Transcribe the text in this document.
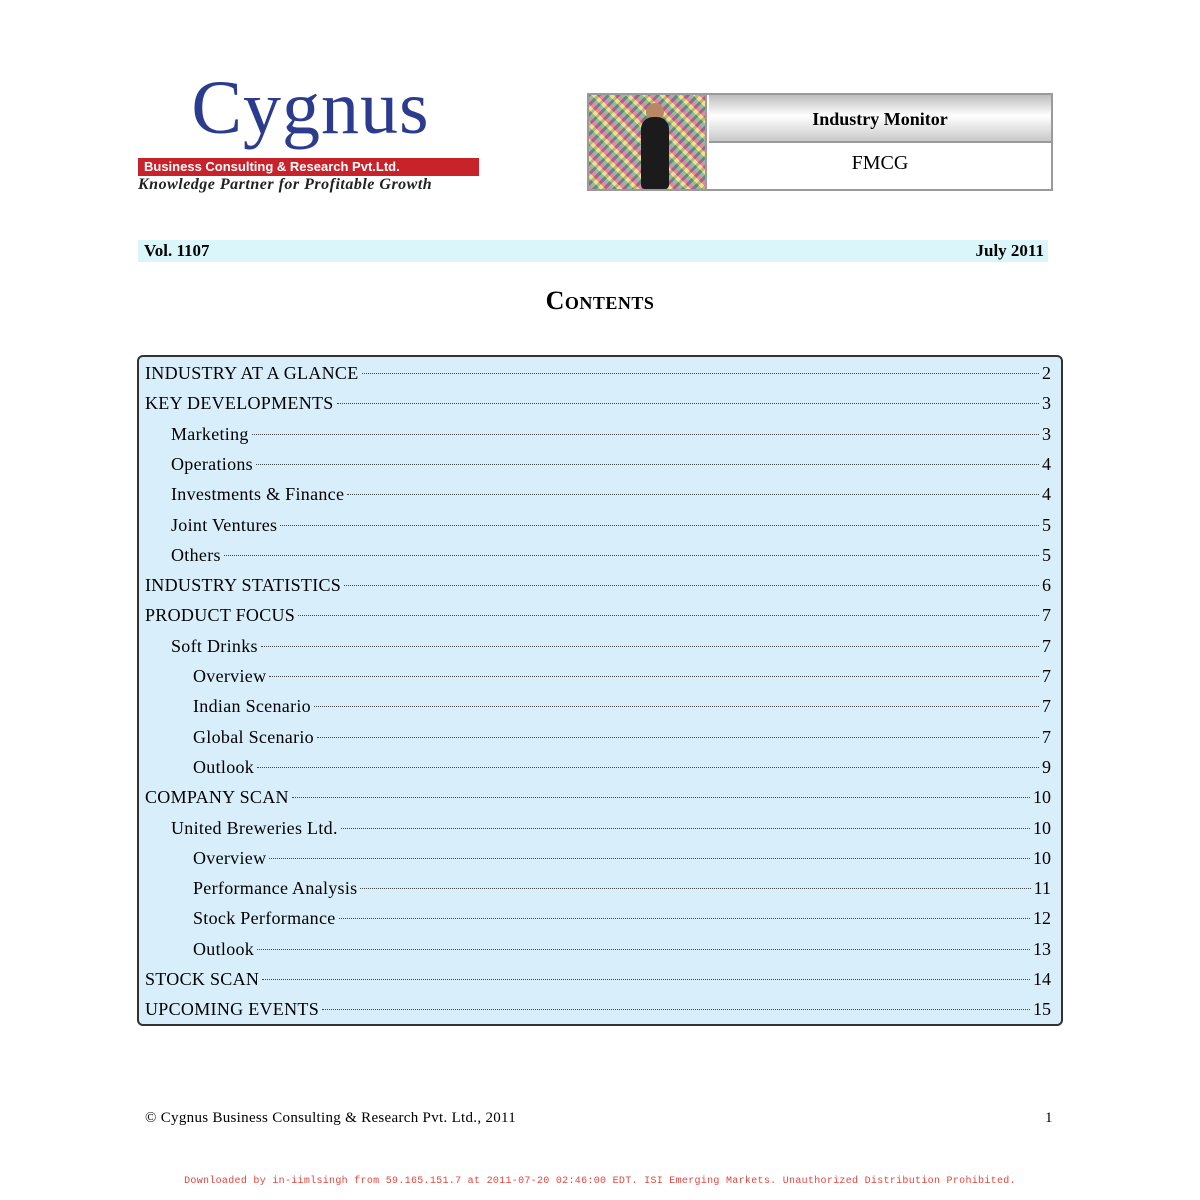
Cygnus
Business Consulting & Research Pvt.Ltd.
Knowledge Partner for Profitable Growth
Industry Monitor
FMCG
Vol. 1107	July 2011
Contents
INDUSTRY AT A GLANCE	2
KEY DEVELOPMENTS	3
Marketing	3
Operations	4
Investments & Finance	4
Joint Ventures	5
Others	5
INDUSTRY STATISTICS	6
PRODUCT FOCUS	7
Soft Drinks	7
Overview	7
Indian Scenario	7
Global Scenario	7
Outlook	9
COMPANY SCAN	10
United Breweries Ltd.	10
Overview	10
Performance Analysis	11
Stock Performance	12
Outlook	13
STOCK SCAN	14
UPCOMING EVENTS	15
© Cygnus Business Consulting & Research Pvt. Ltd., 2011	1
Downloaded by in-iimlsingh from 59.165.151.7 at 2011-07-20 02:46:00 EDT. ISI Emerging Markets. Unauthorized Distribution Prohibited.
